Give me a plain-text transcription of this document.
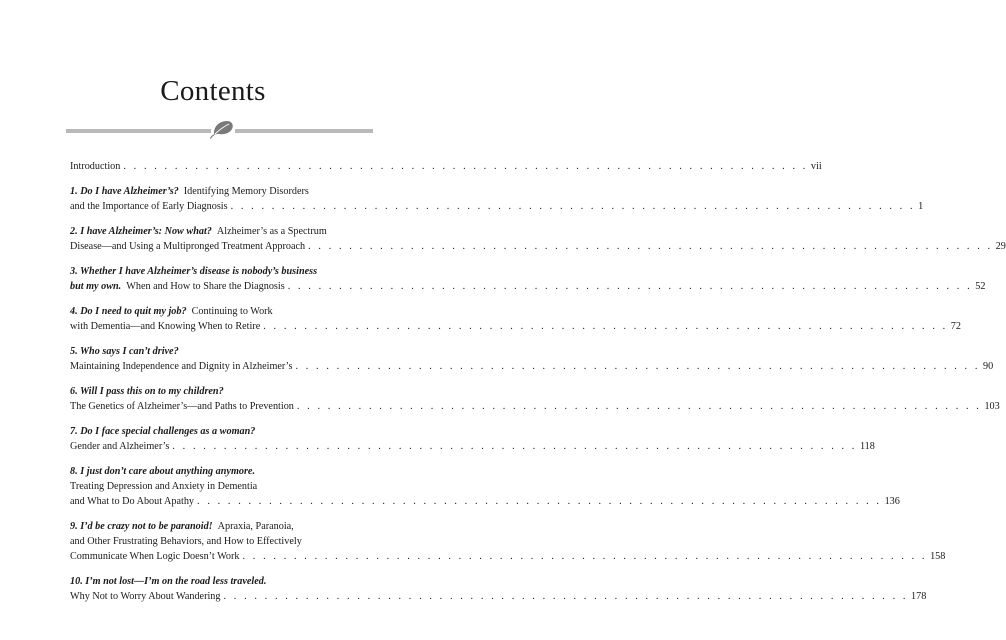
Contents
Introduction . . .	vii
1. Do I have Alzheimer’s? Identifying Memory Disorders
and the Importance of Early Diagnosis . . .	1
2. I have Alzheimer’s: Now what? Alzheimer’s as a Spectrum
Disease—and Using a Multipronged Treatment Approach . . .	29
3. Whether I have Alzheimer’s disease is nobody’s business
but my own. When and How to Share the Diagnosis . . .	52
4. Do I need to quit my job? Continuing to Work
with Dementia—and Knowing When to Retire . . .	72
5. Who says I can’t drive?
Maintaining Independence and Dignity in Alzheimer’s . . .	90
6. Will I pass this on to my children?
The Genetics of Alzheimer’s—and Paths to Prevention . . .	103
7. Do I face special challenges as a woman?
Gender and Alzheimer’s . . .	118
8. I just don’t care about anything anymore.
Treating Depression and Anxiety in Dementia
and What to Do About Apathy . . .	136
9. I’d be crazy not to be paranoid! Apraxia, Paranoia,
and Other Frustrating Behaviors, and How to Effectively
Communicate When Logic Doesn’t Work . . .	158
10. I’m not lost—I’m on the road less traveled.
Why Not to Worry About Wandering . . .	178
